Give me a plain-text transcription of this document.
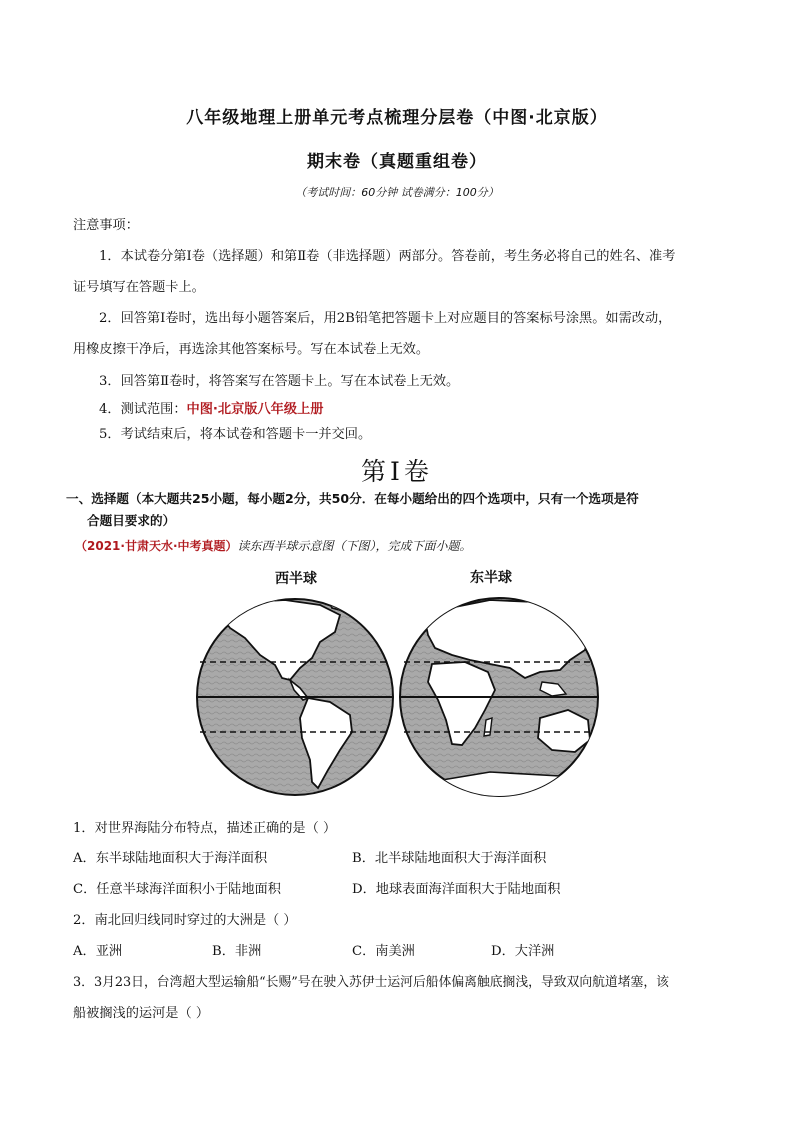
八年级地理上册单元考点梳理分层卷（中图·北京版）
期末卷（真题重组卷）
（考试时间：60分钟 试卷满分：100分）
注意事项：
1．本试卷分第Ⅰ卷（选择题）和第Ⅱ卷（非选择题）两部分。答卷前，考生务必将自己的姓名、准考
证号填写在答题卡上。
2．回答第Ⅰ卷时，选出每小题答案后，用2B铅笔把答题卡上对应题目的答案标号涂黑。如需改动，
用橡皮擦干净后，再选涂其他答案标号。写在本试卷上无效。
3．回答第Ⅱ卷时，将答案写在答题卡上。写在本试卷上无效。
4．测试范围：中图·北京版八年级上册
5．考试结束后，将本试卷和答题卡一并交回。
第Ⅰ卷
一、选择题（本大题共25小题，每小题2分，共50分．在每小题给出的四个选项中，只有一个选项是符
合题目要求的）
（2021·甘肃天水·中考真题）读东西半球示意图（下图），完成下面小题。
西半球	东半球
1．对世界海陆分布特点，描述正确的是（ ）
A．东半球陆地面积大于海洋面积	B．北半球陆地面积大于海洋面积
C．任意半球海洋面积小于陆地面积	D．地球表面海洋面积大于陆地面积
2．南北回归线同时穿过的大洲是（ ）
A．亚洲	B．非洲	C．南美洲	D．大洋洲
3．3月23日，台湾超大型运输船“长赐”号在驶入苏伊士运河后船体偏离触底搁浅，导致双向航道堵塞，该
船被搁浅的运河是（ ）
